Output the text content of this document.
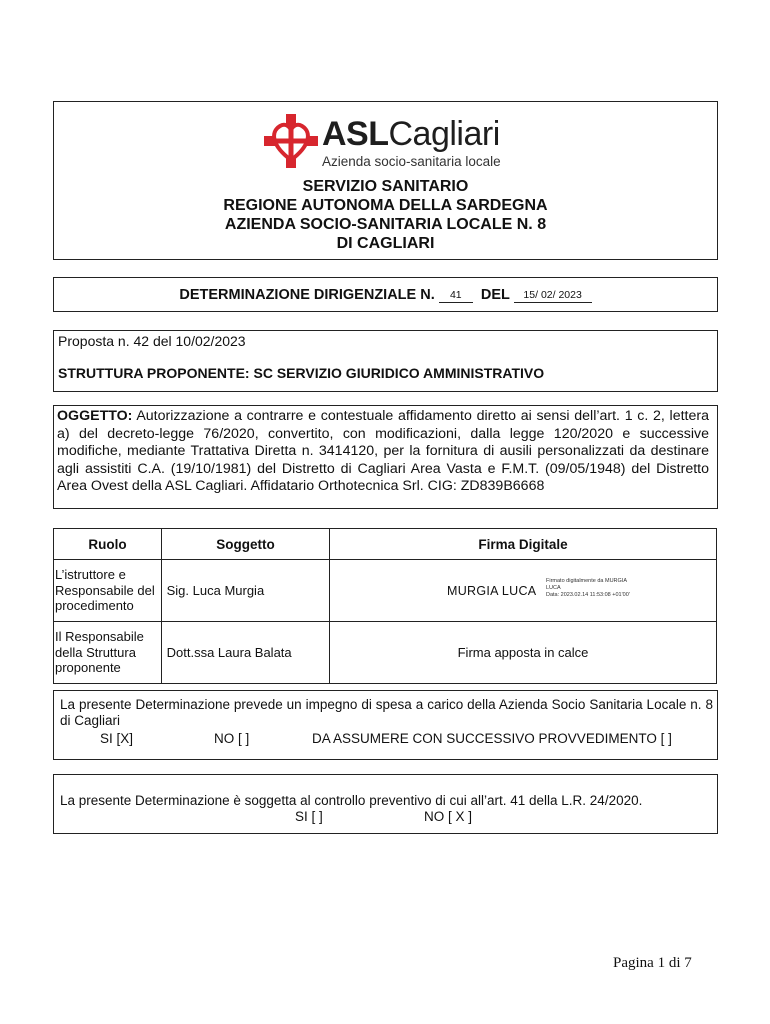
ASLCagliari
Azienda socio-sanitaria locale
SERVIZIO SANITARIO
REGIONE AUTONOMA DELLA SARDEGNA
AZIENDA SOCIO-SANITARIA LOCALE N. 8
DI CAGLIARI
DETERMINAZIONE DIRIGENZIALE N. 41 DEL 15/ 02/ 2023
Proposta n. 42 del 10/02/2023
STRUTTURA PROPONENTE: SC SERVIZIO GIURIDICO AMMINISTRATIVO
OGGETTO: Autorizzazione a contrarre e contestuale affidamento diretto ai sensi dell’art. 1 c. 2, lettera a) del decreto-legge 76/2020, convertito, con modificazioni, dalla legge 120/2020 e successive modifiche, mediante Trattativa Diretta n. 3414120, per la fornitura di ausili personalizzati da destinare agli assistiti C.A. (19/10/1981) del Distretto di Cagliari Area Vasta e F.M.T. (09/05/1948) del Distretto Area Ovest della ASL Cagliari. Affidatario Orthotecnica Srl. CIG: ZD839B6668
Ruolo	Soggetto	Firma Digitale
L’istruttore e Responsabile del procedimento	Sig. Luca Murgia	MURGIA LUCA
Firmato digitalmente da MURGIA
LUCA
Data: 2023.02.14 11:53:08 +01'00'

Il Responsabile della Struttura proponente	Dott.ssa Laura Balata	Firma apposta in calce
La presente Determinazione prevede un impegno di spesa a carico della Azienda Socio Sanitaria Locale n. 8 di Cagliari
SI [X]	NO [ ]	DA ASSUMERE CON SUCCESSIVO PROVVEDIMENTO [ ]
La presente Determinazione è soggetta al controllo preventivo di cui all’art. 41 della L.R. 24/2020.
SI [ ]	NO [ X ]
Pagina 1 di 7
